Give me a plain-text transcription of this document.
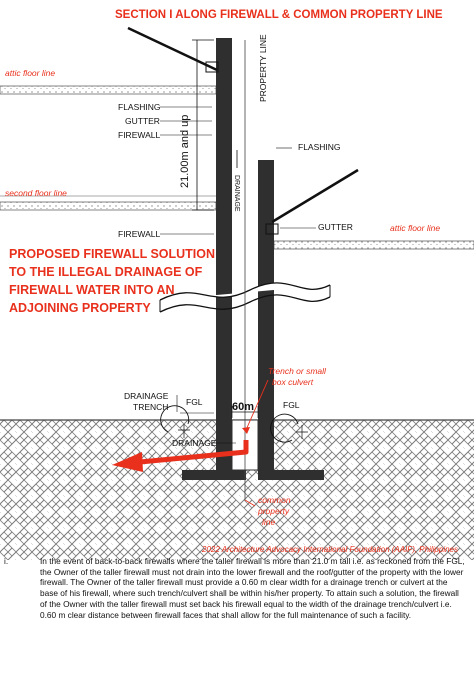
SECTION I ALONG FIREWALL & COMMON PROPERTY LINE
PROPERTY LINE
attic floor line
second floor line
attic floor line
21.00m and up
DRAINAGE
FLASHING
GUTTER
FIREWALL
FIREWALL
FLASHING
GUTTER
PROPOSED FIREWALL SOLUTION
TO THE ILLEGAL DRAINAGE OF
FIREWALL WATER INTO AN
ADJOINING PROPERTY
DRAINAGE
TRENCH FGL	60m
Trench or small
box culvert
FGL
DRAINAGE
common
property
line
2022 Architecture Advocacy International Foundation (AAIF), Philippines
i.	In the event of back-to-back firewalls where the taller firewall is more than 21.0 m tall i.e. as reckoned from the FGL, the Owner of the taller firewall must not drain into the lower firewall and the roof/gutter of the property with the lower firewall. The Owner of the taller firewall must provide a 0.60 m clear width for a drainage trench or culvert at the base of his firewall, where such trench/culvert shall be within his/her property. To attain such a solution, the firewall of the Owner with the taller firewall must set back his firewall equal to the width of the drainage trench/culvert i.e. 0.60 m clear distance between firewall faces that shall allow for the full maintenance of such a facility.
